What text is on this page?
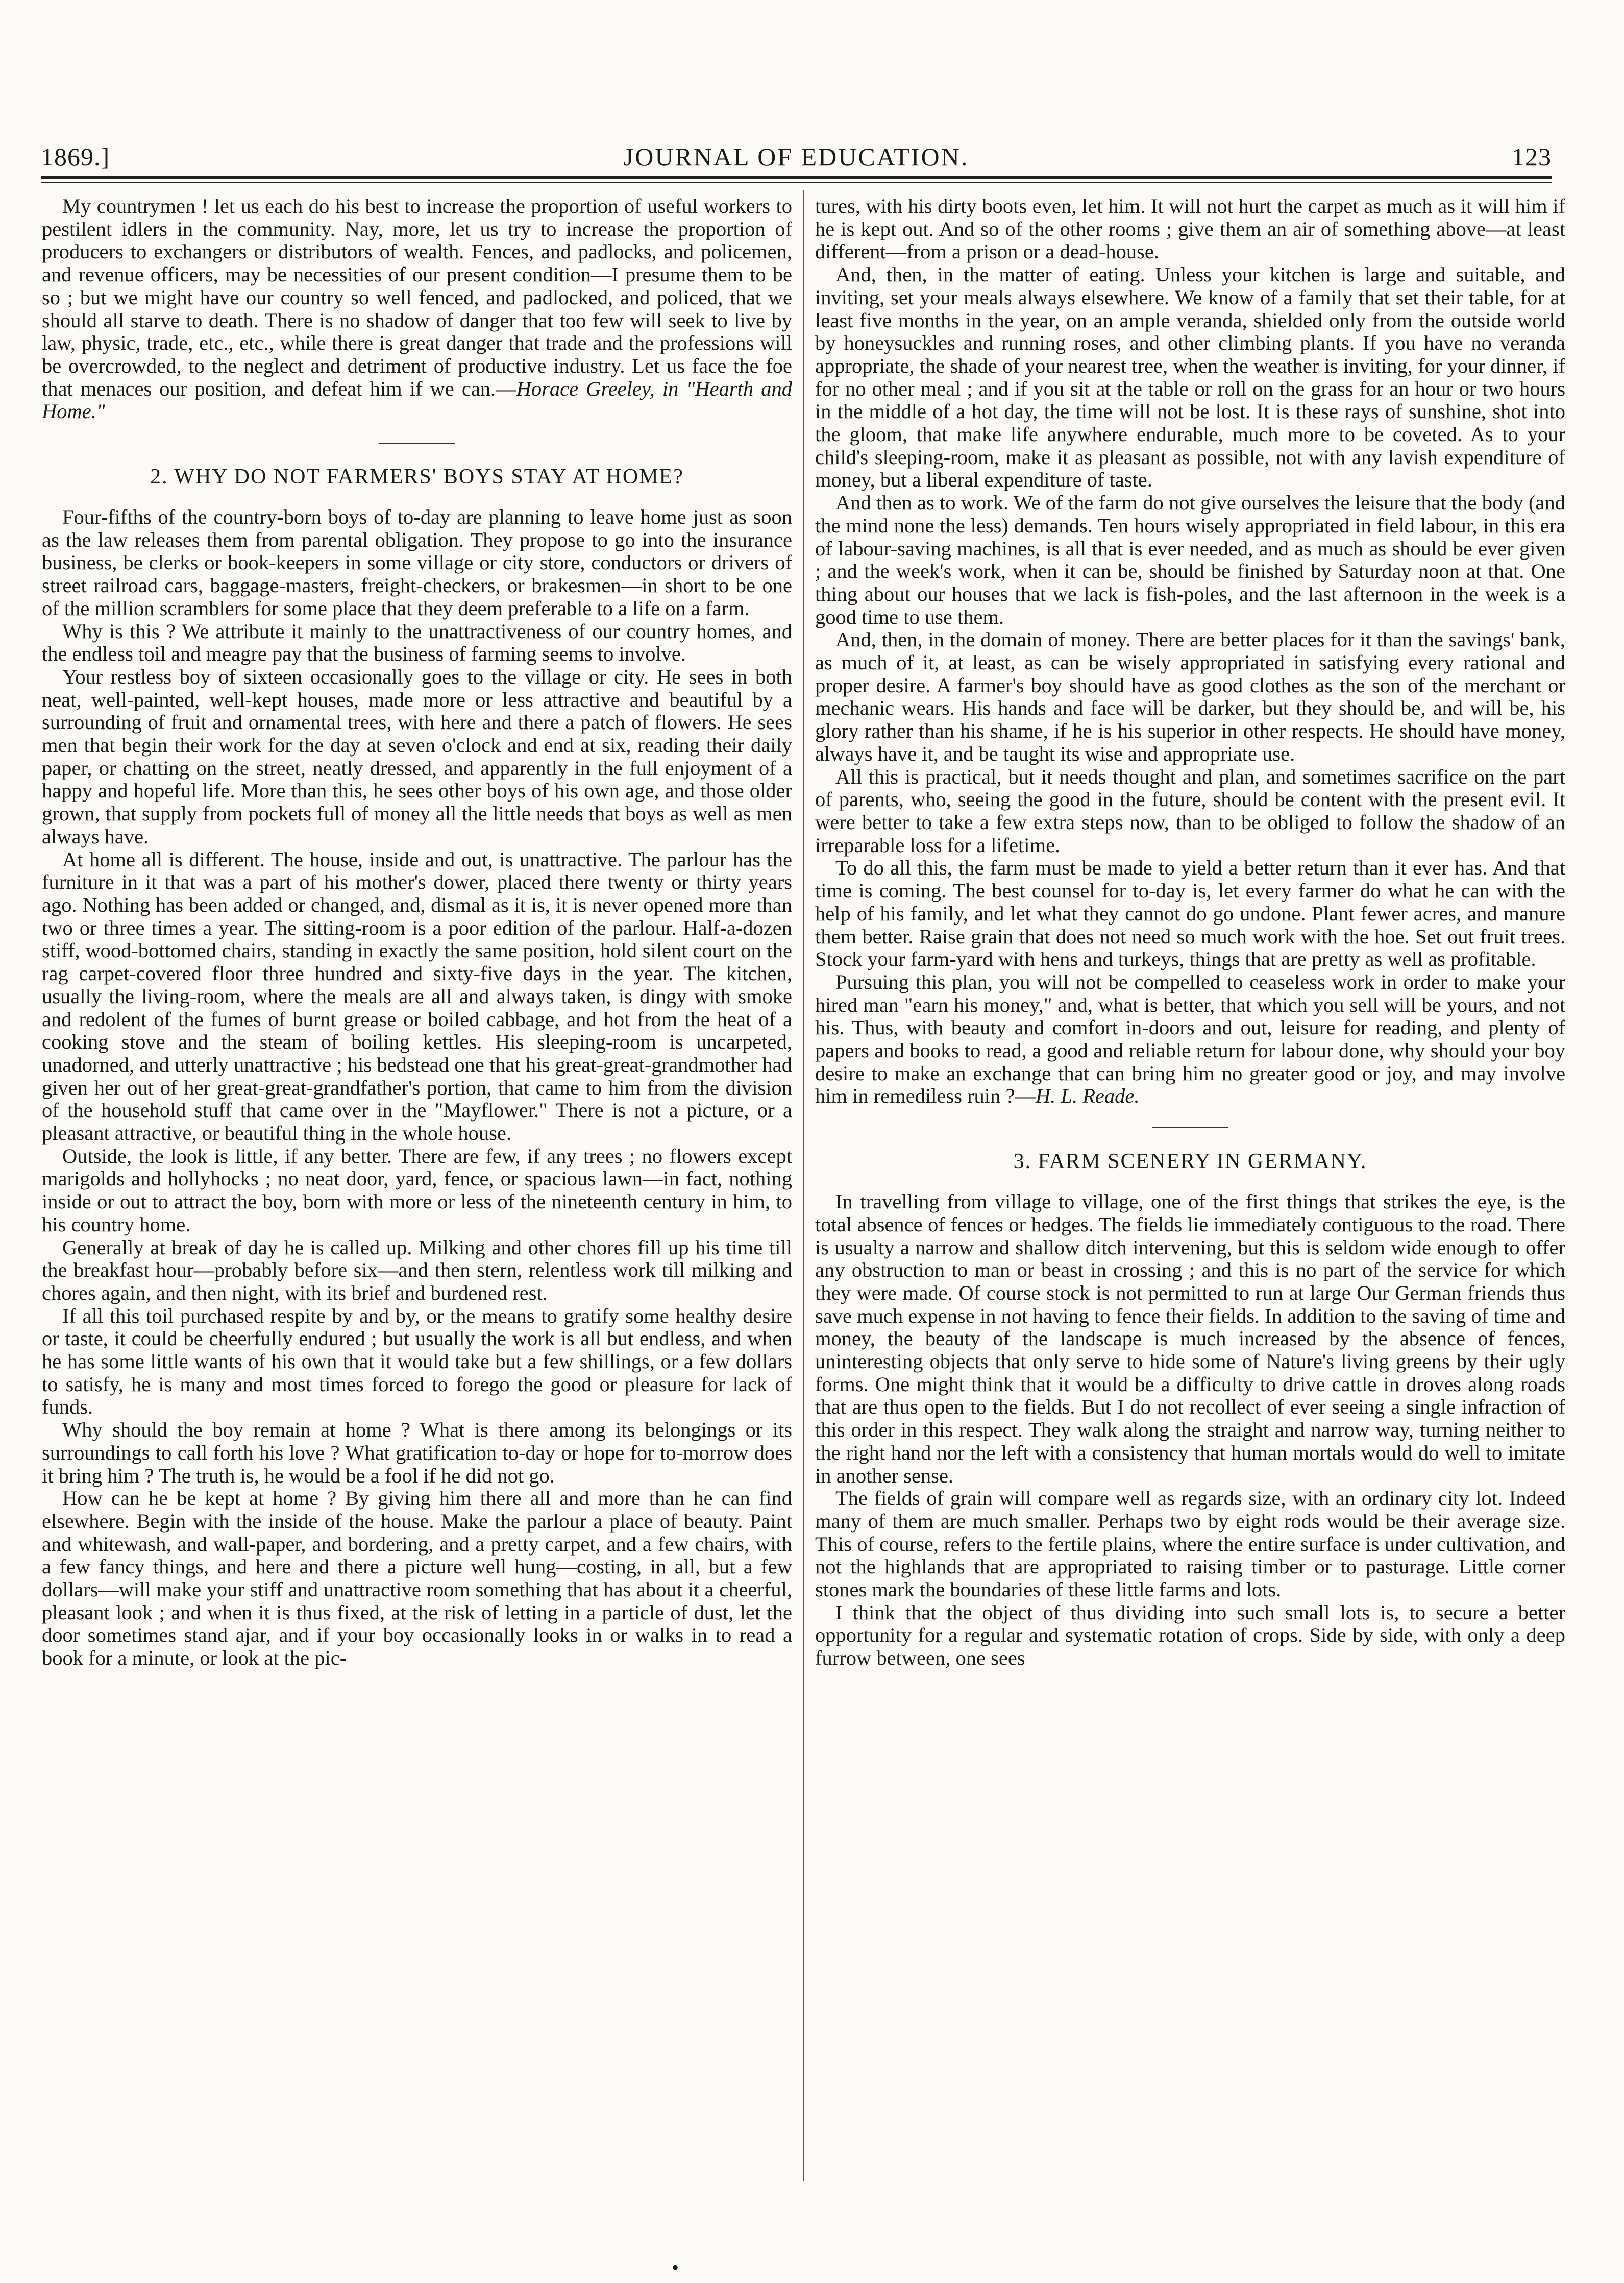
1869.]	JOURNAL OF EDUCATION.	123

My countrymen ! let us each do his best to increase the proportion of useful workers to pestilent idlers in the community. Nay, more, let us try to increase the proportion of producers to exchangers or distributors of wealth. Fences, and padlocks, and policemen, and revenue officers, may be necessities of our present condition—I presume them to be so ; but we might have our country so well fenced, and padlocked, and policed, that we should all starve to death. There is no shadow of danger that too few will seek to live by law, physic, trade, etc., etc., while there is great danger that trade and the professions will be overcrowded, to the neglect and detriment of productive industry. Let us face the foe that menaces our position, and defeat him if we can.—Horace Greeley, in "Hearth and Home."

2. WHY DO NOT FARMERS' BOYS STAY AT HOME?

Four-fifths of the country-born boys of to-day are planning to leave home just as soon as the law releases them from parental obligation. They propose to go into the insurance business, be clerks or book-keepers in some village or city store, conductors or drivers of street railroad cars, baggage-masters, freight-checkers, or brakesmen—in short to be one of the million scramblers for some place that they deem preferable to a life on a farm.

Why is this ? We attribute it mainly to the unattractiveness of our country homes, and the endless toil and meagre pay that the business of farming seems to involve.

Your restless boy of sixteen occasionally goes to the village or city. He sees in both neat, well-painted, well-kept houses, made more or less attractive and beautiful by a surrounding of fruit and ornamental trees, with here and there a patch of flowers. He sees men that begin their work for the day at seven o'clock and end at six, reading their daily paper, or chatting on the street, neatly dressed, and apparently in the full enjoyment of a happy and hopeful life. More than this, he sees other boys of his own age, and those older grown, that supply from pockets full of money all the little needs that boys as well as men always have.

At home all is different. The house, inside and out, is unattractive. The parlour has the furniture in it that was a part of his mother's dower, placed there twenty or thirty years ago. Nothing has been added or changed, and, dismal as it is, it is never opened more than two or three times a year. The sitting-room is a poor edition of the parlour. Half-a-dozen stiff, wood-bottomed chairs, standing in exactly the same position, hold silent court on the rag carpet-covered floor three hundred and sixty-five days in the year. The kitchen, usually the living-room, where the meals are all and always taken, is dingy with smoke and redolent of the fumes of burnt grease or boiled cabbage, and hot from the heat of a cooking stove and the steam of boiling kettles. His sleeping-room is uncarpeted, unadorned, and utterly unattractive ; his bedstead one that his great-great-grandmother had given her out of her great-great-grandfather's portion, that came to him from the division of the household stuff that came over in the "Mayflower." There is not a picture, or a pleasant attractive, or beautiful thing in the whole house.

Outside, the look is little, if any better. There are few, if any trees ; no flowers except marigolds and hollyhocks ; no neat door, yard, fence, or spacious lawn—in fact, nothing inside or out to attract the boy, born with more or less of the nineteenth century in him, to his country home.

Generally at break of day he is called up. Milking and other chores fill up his time till the breakfast hour—probably before six—and then stern, relentless work till milking and chores again, and then night, with its brief and burdened rest.

If all this toil purchased respite by and by, or the means to gratify some healthy desire or taste, it could be cheerfully endured ; but usually the work is all but endless, and when he has some little wants of his own that it would take but a few shillings, or a few dollars to satisfy, he is many and most times forced to forego the good or pleasure for lack of funds.

Why should the boy remain at home ? What is there among its belongings or its surroundings to call forth his love ? What gratification to-day or hope for to-morrow does it bring him ? The truth is, he would be a fool if he did not go.

How can he be kept at home ? By giving him there all and more than he can find elsewhere. Begin with the inside of the house. Make the parlour a place of beauty. Paint and whitewash, and wall-paper, and bordering, and a pretty carpet, and a few chairs, with a few fancy things, and here and there a picture well hung—costing, in all, but a few dollars—will make your stiff and unattractive room something that has about it a cheerful, pleasant look ; and when it is thus fixed, at the risk of letting in a particle of dust, let the door sometimes stand ajar, and if your boy occasionally looks in or walks in to read a book for a minute, or look at the pic-

tures, with his dirty boots even, let him. It will not hurt the carpet as much as it will him if he is kept out. And so of the other rooms ; give them an air of something above—at least different—from a prison or a dead-house.

And, then, in the matter of eating. Unless your kitchen is large and suitable, and inviting, set your meals always elsewhere. We know of a family that set their table, for at least five months in the year, on an ample veranda, shielded only from the outside world by honeysuckles and running roses, and other climbing plants. If you have no veranda appropriate, the shade of your nearest tree, when the weather is inviting, for your dinner, if for no other meal ; and if you sit at the table or roll on the grass for an hour or two hours in the middle of a hot day, the time will not be lost. It is these rays of sunshine, shot into the gloom, that make life anywhere endurable, much more to be coveted. As to your child's sleeping-room, make it as pleasant as possible, not with any lavish expenditure of money, but a liberal expenditure of taste.

And then as to work. We of the farm do not give ourselves the leisure that the body (and the mind none the less) demands. Ten hours wisely appropriated in field labour, in this era of labour-saving machines, is all that is ever needed, and as much as should be ever given ; and the week's work, when it can be, should be finished by Saturday noon at that. One thing about our houses that we lack is fish-poles, and the last afternoon in the week is a good time to use them.

And, then, in the domain of money. There are better places for it than the savings' bank, as much of it, at least, as can be wisely appropriated in satisfying every rational and proper desire. A farmer's boy should have as good clothes as the son of the merchant or mechanic wears. His hands and face will be darker, but they should be, and will be, his glory rather than his shame, if he is his superior in other respects. He should have money, always have it, and be taught its wise and appropriate use.

All this is practical, but it needs thought and plan, and sometimes sacrifice on the part of parents, who, seeing the good in the future, should be content with the present evil. It were better to take a few extra steps now, than to be obliged to follow the shadow of an irreparable loss for a lifetime.

To do all this, the farm must be made to yield a better return than it ever has. And that time is coming. The best counsel for to-day is, let every farmer do what he can with the help of his family, and let what they cannot do go undone. Plant fewer acres, and manure them better. Raise grain that does not need so much work with the hoe. Set out fruit trees. Stock your farm-yard with hens and turkeys, things that are pretty as well as profitable.

Pursuing this plan, you will not be compelled to ceaseless work in order to make your hired man "earn his money," and, what is better, that which you sell will be yours, and not his. Thus, with beauty and comfort in-doors and out, leisure for reading, and plenty of papers and books to read, a good and reliable return for labour done, why should your boy desire to make an exchange that can bring him no greater good or joy, and may involve him in remediless ruin ?—H. L. Reade.

3. FARM SCENERY IN GERMANY.

In travelling from village to village, one of the first things that strikes the eye, is the total absence of fences or hedges. The fields lie immediately contiguous to the road. There is usualty a narrow and shallow ditch intervening, but this is seldom wide enough to offer any obstruction to man or beast in crossing ; and this is no part of the service for which they were made. Of course stock is not permitted to run at large Our German friends thus save much expense in not having to fence their fields. In addition to the saving of time and money, the beauty of the landscape is much increased by the absence of fences, uninteresting objects that only serve to hide some of Nature's living greens by their ugly forms. One might think that it would be a difficulty to drive cattle in droves along roads that are thus open to the fields. But I do not recollect of ever seeing a single infraction of this order in this respect. They walk along the straight and narrow way, turning neither to the right hand nor the left with a consistency that human mortals would do well to imitate in another sense.

The fields of grain will compare well as regards size, with an ordinary city lot. Indeed many of them are much smaller. Perhaps two by eight rods would be their average size. This of course, refers to the fertile plains, where the entire surface is under cultivation, and not the highlands that are appropriated to raising timber or to pasturage. Little corner stones mark the boundaries of these little farms and lots.

I think that the object of thus dividing into such small lots is, to secure a better opportunity for a regular and systematic rotation of crops. Side by side, with only a deep furrow between, one sees

•
